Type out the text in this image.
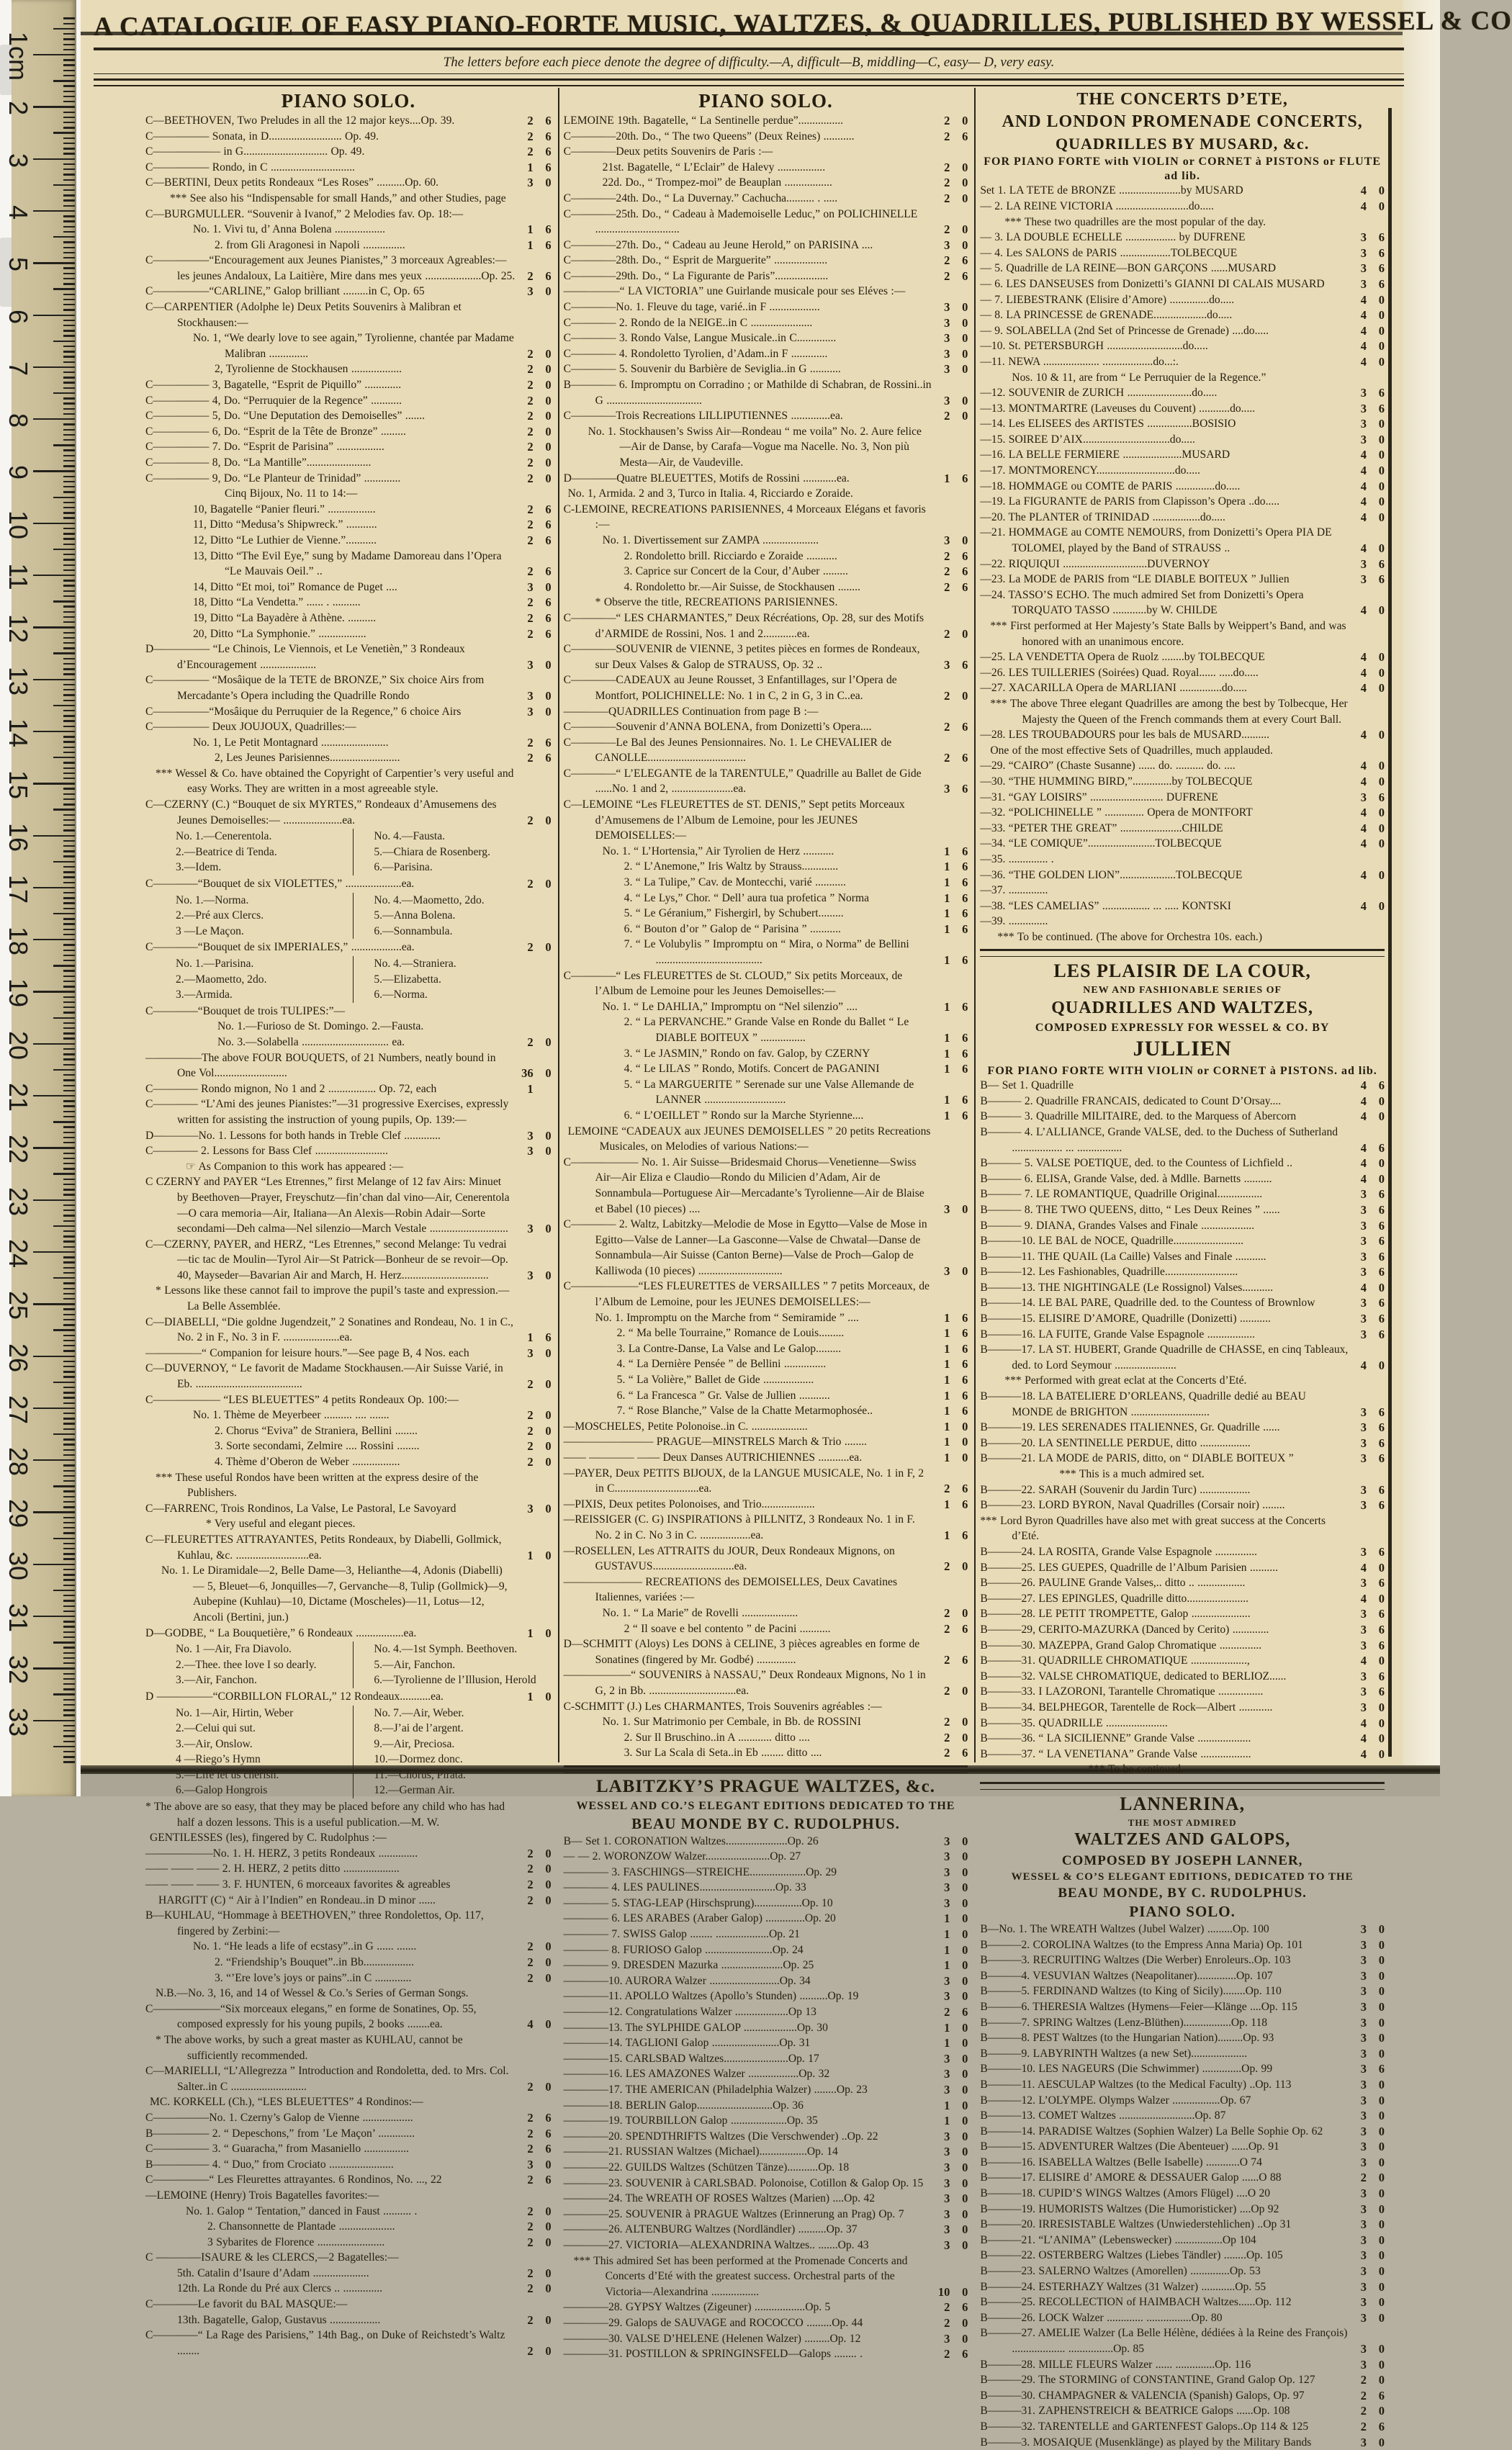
A CATALOGUE OF EASY PIANO-FORTE MUSIC, WALTZES, & QUADRILLES, PUBLISHED BY WESSEL & CO
The letters before each piece denote the degree of difficulty.—A, difficult—B, middling—C, easy— D, very easy.
PIANO SOLO.
C—BEETHOVEN, Two Preludes in all the 12 major keys....Op. 39.	2	6
C————— Sonata, in D.......................... Op. 49.	2	6
C—————— in G.............................. Op. 49.	2	6
C————— Rondo, in C ..............................	1	6
C—BERTINI, Deux petits Rondeaux “Les Roses” ..........Op. 60.	3	0
*** See also his “Indispensable for small Hands,” and other Studies, page
C—BURGMULLER. “Souvenir à Ivanof,” 2 Melodies fav. Op. 18:—
No. 1. Vivi tu, d’ Anna Bolena ..................	1	6
2. from Gli Aragonesi in Napoli ...............	1	6
C—————“Encouragement aux Jeunes Pianistes,” 3 morceaux Agreables:—les jeunes Andaloux, La Laitière, Mire dans mes yeux ....................Op. 25.	2	6
C—————“CARLINE,” Galop brilliant .........in C, Op. 65	3	0
C—CARPENTIER (Adolphe le) Deux Petits Souvenirs à Malibran et Stockhausen:—
No. 1, “We dearly love to see again,” Tyrolienne, chantée par Madame Malibran ..............	2	0
2, Tyrolienne de Stockhausen ..................	2	0
C————— 3, Bagatelle, “Esprit de Piquillo” .............	2	0
C————— 4, Do. “Perruquier de la Regence” ...........	2	0
C————— 5, Do. “Une Deputation des Demoiselles” .......	2	0
C————— 6, Do. “Esprit de la Tête de Bronze” .........	2	0
C————— 7. Do. “Esprit de Parisina” .................	2	0
C————— 8, Do. “La Mantille”.......................	2	0
C————— 9, Do. “Le Planteur de Trinidad” .............	2	0
Cinq Bijoux, No. 11 to 14:—
10, Bagatelle “Panier fleuri.” .................	2	6
11, Ditto “Medusa’s Shipwreck.” ...........	2	6
12, Ditto “Le Luthier de Vienne.”...........	2	6
13, Ditto “The Evil Eye,” sung by Madame Damoreau dans l’Opera “Le Mauvais Oeil.” ..	2	6
14, Ditto “Et moi, toi” Romance de Puget ....	3	0
18, Ditto “La Vendetta.” ...... . ..........	2	6
19, Ditto “La Bayadère à Athène. ..........	2	6
20, Ditto “La Symphonie.” .................	2	6
D————— “Le Chinois, Le Viennois, et Le Venetièn,” 3 Rondeaux d’Encouragement ....................	3	0
C————— “Mosâique de la TETE de BRONZE,” Six choice Airs from Mercadante’s Opera including the Quadrille Rondo	3	0
C—————“Mosâique du Perruquier de la Regence,” 6 choice Airs	3	0
C————— Deux JOUJOUX, Quadrilles:—
No. 1, Le Petit Montagnard ........................	2	6
2, Les Jeunes Parisiennes.........................	2	6
*** Wessel & Co. have obtained the Copyright of Carpentier’s very useful and easy Works. They are written in a most agreeable style.
C—CZERNY (C.) “Bouquet de six MYRTES,” Rondeaux d’Amusemens des Jeunes Demoiselles:— .....................ea.	2	0
No. 1.—Cenerentola.
2.—Beatrice di Tenda.
3.—Idem.
No. 4.—Fausta.
5.—Chiara de Rosenberg.
6.—Parisina.
C————“Bouquet de six VIOLETTES,” ....................ea.	2	0
No. 1.—Norma.
2.—Pré aux Clercs.
3 —Le Maçon.
No. 4.—Maometto, 2do.
5.—Anna Bolena.
6.—Sonnambula.
C————“Bouquet de six IMPERIALES,” ..................ea.	2	0
No. 1.—Parisina.
2.—Maometto, 2do.
3.—Armida.
No. 4.—Straniera.
5.—Elizabetta.
6.—Norma.
C————“Bouquet de trois TULIPES:”—
No. 1.—Furioso de St. Domingo. 2.—Fausta.
No. 3.—Solabella ............................... ea.	2	0
—————The above FOUR BOUQUETS, of 21 Numbers, neatly bound in One Vol..........................	36	0
C———— Rondo mignon, No 1 and 2 ................. Op. 72, each	1
C———— “L’Ami des jeunes Pianistes:”—31 progressive Exercises, expressly written for assisting the instruction of young pupils, Op. 139:—
D————No. 1. Lessons for both hands in Treble Clef .............	3	0
C———— 2. Lessons for Bass Clef ..........................	3	0
☞ As Companion to this work has appeared :—
C CZERNY and PAYER “Les Etrennes,” first Melange of 12 fav Airs: Minuet by Beethoven—Prayer, Freyschutz—fin’chan dal vino—Air, Cenerentola—O cara memoria—Air, Italiana—An Alexis—Robin Adair—Sorte secondami—Deh calma—Nel silenzio—March Vestale ............................	3	0
C—CZERNY, PAYER, and HERZ, “Les Etrennes,” second Melange: Tu vedrai—tic tac de Moulin—Tyrol Air—St Patrick—Bonheur de se revoir—Op. 40, Mayseder—Bavarian Air and March, H. Herz...............................	3	0
* Lessons like these cannot fail to improve the pupil’s taste and expression.—La Belle Assemblée.
C—DIABELLI, “Die goldne Jugendzeit,” 2 Sonatines and Rondeau, No. 1 in C., No. 2 in F., No. 3 in F. ....................ea.	1	6
—————“ Companion for leisure hours.”—See page B, 4 Nos. each	3	0
C—DUVERNOY, “ Le favorit de Madame Stockhausen.—Air Suisse Varié, in Eb. ......................................	2	0
C—————— “LES BLEUETTES” 4 petits Rondeaux Op. 100:—
No. 1. Thème de Meyerbeer .......... .... .......	2	0
2. Chorus “Eviva” de Straniera, Bellini ........	2	0
3. Sorte secondami, Zelmire .... Rossini ........	2	0
4. Thème d’Oberon de Weber .................	2	0
*** These useful Rondos have been written at the express desire of the Publishers.
C—FARRENC, Trois Rondinos, La Valse, Le Pastoral, Le Savoyard	3	0
* Very useful and elegant pieces.
C—FLEURETTES ATTRAYANTES, Petits Rondeaux, by Diabelli, Gollmick, Kuhlau, &c. ..........................ea.	1	0
No. 1. Le Diramidale—2, Belle Dame—3, Helianthe—4, Adonis (Diabelli) — 5, Bleuet—6, Jonquilles—7, Gervanche—8, Tulip (Gollmick)—9, Aubepine (Kuhlau)—10, Dictame (Moscheles)—11, Lotus—12, Ancoli (Bertini, jun.)
D—GODBE, “ La Bouquetière,” 6 Rondeaux .................ea.	1	0
No. 1 —Air, Fra Diavolo.
2.—Thee. thee love I so dearly.
3.—Air, Fanchon.
No. 4.—1st Symph. Beethoven.
5.—Air, Fanchon.
6.—Tyrolienne de l’Illusion, Herold
D —————“CORBILLON FLORAL,” 12 Rondeaux...........ea.	1	0
No. 1—Air, Hirtin, Weber
2.—Celui qui sut.
3.—Air, Onslow.
4 —Riego’s Hymn
5.—Life let us cherish.
6.—Galop Hongrois
No. 7.—Air, Weber.
8.—J’ai de l’argent.
9.—Air, Preciosa.
10.—Dormez donc.
11.—Chorus, Pirata.
12.—German Air.
* The above are so easy, that they may be placed before any child who has had half a dozen lessons. This is a useful publication.—M. W.
GENTILESSES (les), fingered by C. Rudolphus :—
——————No. 1. H. HERZ, 3 petits Rondeaux ..............	2	0
—— —— —— 2. H. HERZ, 2 petits ditto ....................	2	0
—— —— —— 3. F. HUNTEN, 6 morceaux favorites & agreables	2	0
HARGITT (C) “ Air à l’Indien” en Rondeau..in D minor ......	2	0
B—KUHLAU, “Hommage à BEETHOVEN,” three Rondolettos, Op. 117, fingered by Zerbini:—
No. 1. “He leads a life of ecstasy”..in G ...... .......	2	0
2. “Friendship’s Bouquet”..in Bb..................	2	0
3. “’Ere love’s joys or pains”..in C .............	2	0
N.B.—No. 3, 16, and 14 of Wessel & Co.’s Series of German Songs.
C——————“Six morceaux elegans,” en forme de Sonatines, Op. 55, composed expressly for his young pupils, 2 books ........ea.	4	0
* The above works, by such a great master as KUHLAU, cannot be sufficiently recommended.
C—MARIELLI, “L’Allegrezza ” Introduction and Rondoletta, ded. to Mrs. Col. Salter..in C ...........................	2	0
MC. KORKELL (Ch.), “LES BLEUETTES” 4 Rondinos:—
C—————No. 1. Czerny’s Galop de Vienne ..................	2	6
B————— 2. “ Depeschons,” from ’Le Maçon’ .............	2	6
C————— 3. “ Guaracha,” from Masaniello ................	2	6
B————— 4. “ Duo,” from Crociato .......................	3	0
C—————“ Les Fleurettes attrayantes. 6 Rondinos, No. ..., 22	2	6
—LEMOINE (Henry) Trois Bagatelles favorites:—
No. 1. Galop “ Tentation,” danced in Faust .......... .	2	0
2. Chansonnette de Plantade ....................	2	0
3 Sybarites de Florence ........................	2	0
C ————ISAURE & les CLERCS,—2 Bagatelles:—
5th. Catalin d’Isaure d’Adam ....................	2	0
12th. La Ronde du Pré aux Clercs .. ..............	2	0
C————Le favorit du BAL MASQUE:—
13th. Bagatelle, Galop, Gustavus ..................	2	0
C————“ La Rage des Parisiens,” 14th Bag., on Duke of Reichstedt’s Waltz ........	2	0
PIANO SOLO.
LEMOINE 19th. Bagatelle, “ La Sentinelle perdue”................	2	0
C————20th. Do., “ The two Queens” (Deux Reines) ...........	2	6
C————Deux petits Souvenirs de Paris :—
21st. Bagatelle, “ L’Eclair” de Halevy .................	2	0
22d. Do., “ Trompez-moi” de Beauplan .................	2	0
C————24th. Do., “ La Duvernay.” Cachucha.......... . .....	2	0
C————25th. Do., “ Cadeau à Mademoiselle Leduc,” on POLICHINELLE ..............................	2	0
C————27th. Do., “ Cadeau au Jeune Herold,” on PARISINA ....	3	0
C————28th. Do., “ Esprit de Marguerite” ...................	2	6
C————29th. Do., “ La Figurante de Paris”...................	2	6
—————“ LA VICTORIA” une Guirlande musicale pour ses Eléves :—
C————No. 1. Fleuve du tage, varié..in F ..................	3	0
C———— 2. Rondo de la NEIGE..in C ......................	3	0
C———— 3. Rondo Valse, Langue Musicale..in C..............	3	0
C———— 4. Rondoletto Tyrolien, d’Adam..in F .............	3	0
C———— 5. Souvenir du Barbière de Seviglia..in G ...........	3	0
B———— 6. Impromptu on Corradino ; or Mathilde di Schabran, de Rossini..in G ..................................	3	0
C————Trois Recreations LILLIPUTIENNES ..............ea.	2	0
No. 1. Stockhausen’s Swiss Air—Rondeau “ me voila” No. 2. Aure felice—Air de Danse, by Carafa—Vogue ma Nacelle. No. 3, Non più Mesta—Air, de Vaudeville.
D————Quatre BLEUETTES, Motifs de Rossini ............ea.	1	6
No. 1, Armida. 2 and 3, Turco in Italia. 4, Ricciardo e Zoraide.
C-LEMOINE, RECREATIONS PARISIENNES, 4 Morceaux Elégans et favoris :—
No. 1. Divertissement sur ZAMPA ....................	3	0
2. Rondoletto brill. Ricciardo e Zoraide ...........	2	6
3. Caprice sur Concert de la Cour, d’Auber .........	2	6
4. Rondoletto br.—Air Suisse, de Stockhausen ........	2	6
* Observe the title, RECREATIONS PARISIENNES.
C————“ LES CHARMANTES,” Deux Récréations, Op. 28, sur des Motifs d’ARMIDE de Rossini, Nos. 1 and 2............ea.	2	0
C————SOUVENIR de VIENNE, 3 petites pièces en formes de Rondeaux, sur Deux Valses & Galop de STRAUSS, Op. 32 ..	3	6
C————CADEAUX au Jeune Rousset, 3 Enfantillages, sur l’Opera de Montfort, POLICHINELLE: No. 1 in C, 2 in G, 3 in C..ea.	2	0
————QUADRILLES Continuation from page B :—
C————Souvenir d’ANNA BOLENA, from Donizetti’s Opera....	2	6
C————Le Bal des Jeunes Pensionnaires. No. 1. Le CHEVALIER de CANOLLE...................................	2	6
C————“ L’ELEGANTE de la TARENTULE,” Quadrille au Ballet de Gide ......No. 1 and 2, ......................ea.	3	6
C—LEMOINE “Les FLEURETTES de ST. DENIS,” Sept petits Morceaux d’Amusemens de l’Album de Lemoine, pour les JEUNES DEMOISELLES:—
No. 1. “ L’Hortensia,” Air Tyrolien de Herz ...........	1	6
2. “ L’Anemone,” Iris Waltz by Strauss.............	1	6
3. “ La Tulipe,” Cav. de Montecchi, varié ...........	1	6
4. “ Le Lys,” Chor. “ Dell’ aura tua profetica ” Norma	1	6
5. “ Le Géranium,” Fishergirl, by Schubert.........	1	6
6. “ Bouton d’or ” Galop de “ Parisina ” ...........	1	6
7. “ Le Volubylis ” Impromptu on “ Mira, o Norma” de Bellini ......................................	1	6
C————“ Les FLEURETTES de St. CLOUD,” Six petits Morceaux, de l’Album de Lemoine pour les Jeunes Demoiselles:—
No. 1. “ Le DAHLIA,” Impromptu on “Nel silenzio” ....	1	6
2. “ La PERVANCHE.” Grande Valse en Ronde du Ballet “ Le DIABLE BOITEUX ” ................	1	6
3. “ Le JASMIN,” Rondo on fav. Galop, by CZERNY	1	6
4. “ Le LILAS ” Rondo, Motifs. Concert de PAGANINI	1	6
5. “ La MARGUERITE ” Serenade sur une Valse Allemande de LANNER .............................	1	6
6. “ L’OEILLET ” Rondo sur la Marche Styrienne....	1	6
LEMOINE “CADEAUX aux JEUNES DEMOISELLES ” 20 petits Recreations Musicales, on Melodies of various Nations:—
C—————— No. 1. Air Suisse—Bridesmaid Chorus—Venetienne—Swiss Air—Air Eliza e Claudio—Rondo du Milicien d’Adam, Air de Sonnambula—Portuguese Air—Mercadante’s Tyrolienne—Air de Blaise et Babel (10 pieces) ....	3	0
C———— 2. Waltz, Labitzky—Melodie de Mose in Egytto—Valse de Mose in Egitto—Valse de Lanner—La Gasconne—Valse de Chwatal—Danse de Sonnambula—Air Suisse (Canton Berne)—Valse de Proch—Galop de Kalliwoda (10 pieces) ..............................	3	0
C——————“LES FLEURETTES de VERSAILLES ” 7 petits Morceaux, de l’Album de Lemoine, pour les JEUNES DEMOISELLES:—
No. 1. Impromptu on the Marche from “ Semiramide ” ....	1	6
2. “ Ma belle Tourraine,” Romance de Louis.........	1	6
3. La Contre-Danse, La Valse and Le Galop.........	1	6
4. “ La Dernière Pensée ” de Bellini ...............	1	6
5. “ La Volière,” Ballet de Gide ..................	1	6
6. “ La Francesca ” Gr. Valse de Jullien ...........	1	6
7. “ Rose Blanche,” Valse de la Chatte Metarmophosée..	1	6
—MOSCHELES, Petite Polonoise..in C. ....................	1	0
———————— PRAGUE—MINSTRELS March & Trio ........	1	0
—— ———— —— Deux Danses AUTRICHIENNES ...........ea.	1	0
—PAYER, Deux PETITS BIJOUX, de la LANGUE MUSICALE, No. 1 in F, 2 in C..............................ea.	2	6
—PIXIS, Deux petites Polonoises, and Trio...................	1	6
—REISSIGER (C. G) INSPIRATIONS à PILLNITZ, 3 Rondeaux No. 1 in F. No. 2 in C. No 3 in C. ..................ea.	1	6
—ROSELLEN, Les ATTRAITS du JOUR, Deux Rondeaux Mignons, on GUSTAVUS.............................ea.	2	0
——————— RECREATIONS des DEMOISELLES, Deux Cavatines Italiennes, variées :—
No. 1. “ La Marie” de Rovelli ....................	2	0
2 “ Il soave e bel contento ” de Pacini ...........	2	6
D—SCHMITT (Aloys) Les DONS à CELINE, 3 pièces agreables en forme de Sonatines (fingered by Mr. Godbé) ..............	2	6
——————“ SOUVENIRS à NASSAU,” Deux Rondeaux Mignons, No 1 in G, 2 in Bb. ...............................ea.	2	0
C-SCHMITT (J.) Les CHARMANTES, Trois Souvenirs agréables :—
No. 1. Sur Matrimonio per Cembale, in Bb. de ROSSINI	2	0
2. Sur Il Bruschino..in A ............ ditto ....	2	0
3. Sur La Scala di Seta..in Eb ........ ditto ....	2	6
LABITZKY’S PRAGUE WALTZES, &c.
WESSEL AND CO.’S ELEGANT EDITIONS DEDICATED TO THE
BEAU MONDE BY C. RUDOLPHUS.
B— Set 1. CORONATION Waltzes......................Op. 26	3	0
— — 2. WORONZOW Walzer.......................Op. 27	3	0
———— 3. FASCHINGS—STREICHE....................Op. 29	3	0
———— 4. LES PAULINES...........................Op. 33	3	0
———— 5. STAG-LEAP (Hirschsprung).................Op. 10	3	0
———— 6. LES ARABES (Araber Galop) ..............Op. 20	1	0
———— 7. SWISS Galop ........ ...................Op. 21	1	0
———— 8. FURIOSO Galop ........................Op. 24	1	0
———— 9. DRESDEN Mazurka ......................Op. 25	1	0
————10. AURORA Walzer .........................Op. 34	3	0
————11. APOLLO Waltzes (Apollo’s Stunden) ..........Op. 19	3	0
————12. Congratulations Walzer ...................Op 13	2	6
————13. The SYLPHIDE GALOP ...................Op. 30	1	0
————14. TAGLIONI Galop ........................Op. 31	1	0
————15. CARLSBAD Waltzes.......................Op. 17	3	0
————16. LES AMAZONES Walzer ..................Op. 32	3	0
————17. THE AMERICAN (Philadelphia Walzer) ........Op. 23	3	0
————18. BERLIN Galop...........................Op. 36	1	0
————19. TOURBILLON Galop ....................Op. 35	1	0
————20. SPENDTHRIFTS Waltzes (Die Verschwender) ..Op. 22	3	0
————21. RUSSIAN Waltzes (Michael).................Op. 14	3	0
————22. GUILDS Waltzes (Schützen Tänze)...........Op. 18	3	0
————23. SOUVENIR à CARLSBAD. Polonoise, Cotillon & Galop Op. 15	3	0
————24. The WREATH OF ROSES Waltzes (Marien) ....Op. 42	3	0
————25. SOUVENIR à PRAGUE Waltzes (Erinnerung an Prag) Op. 7	3	0
————26. ALTENBURG Waltzes (Nordländler) ..........Op. 37	3	0
————27. VICTORIA—ALEXANDRINA Waltzes.. .......Op. 43	3	0
*** This admired Set has been performed at the Promenade Concerts and Concerts d’Eté with the greatest success. Orchestral parts of the Victoria—Alexandrina .................	10	0
————28. GYPSY Waltzes (Zigeuner) ..................Op. 5	2	6
————29. Galops de SAUVAGE and ROCOCCO .........Op. 44	2	0
————30. VALSE D’HELENE (Helenen Walzer) .........Op. 12	3	0
————31. POSTILLON & SPRINGINSFELD—Galops ........ .	2	6
THE CONCERTS D’ETE,
AND LONDON PROMENADE CONCERTS,
QUADRILLES BY MUSARD, &c.
FOR PIANO FORTE with VIOLIN or CORNET à PISTONS or FLUTE ad lib.
Set 1. LA TETE de BRONZE ......................by MUSARD	4	0
— 2. LA REINE VICTORIA ..........................do.....	4	0
*** These two quadrilles are the most popular of the day.
— 3. LA DOUBLE ECHELLE .................. by DUFRENE	3	6
— 4. Les SALONS de PARIS ..................TOLBECQUE	3	6
— 5. Quadrille de LA REINE—BON GARÇONS ......MUSARD	3	6
— 6. LES DANSEUSES from Donizetti’s GIANNI DI CALAIS MUSARD	3	6
— 7. LIEBESTRANK (Elisire d’Amore) ..............do.....	4	0
— 8. LA PRINCESSE de GRENADE...................do.....	4	0
— 9. SOLABELLA (2nd Set of Princesse de Grenade) ....do.....	4	0
—10. St. PETERSBURGH ...........................do.....	4	0
—11. NEWA .................... ..................do...:.	4	0
Nos. 10 & 11, are from “ Le Perruquier de la Regence.”
—12. SOUVENIR de ZURICH .......................do.....	3	6
—13. MONTMARTRE (Laveuses du Couvent) ...........do.....	3	6
—14. Les ELISEES des ARTISTES ................BOSISIO	3	0
—15. SOIREE D’AIX...............................do.....	3	0
—16. LA BELLE FERMIERE .....................MUSARD	4	0
—17. MONTMORENCY............................do.....	4	0
—18. HOMMAGE ou COMTE de PARIS ..............do.....	4	0
—19. La FIGURANTE de PARIS from Clapisson’s Opera ..do.....	4	0
—20. The PLANTER of TRINIDAD .................do.....	4	0
—21. HOMMAGE au COMTE NEMOURS, from Donizetti’s Opera PIA DE TOLOMEI, played by the Band of STRAUSS ..	4	0
—22. RIQUIQUI ..............................DUVERNOY	3	6
—23. La MODE de PARIS from “LE DIABLE BOITEUX ” Jullien	3	6
—24. TASSO’S ECHO. The much admired Set from Donizetti’s Opera TORQUATO TASSO ............by W. CHILDE	4	0
*** First performed at Her Majesty’s State Balls by Weippert’s Band, and was honored with an unanimous encore.
—25. LA VENDETTA Opera de Ruolz ........by TOLBECQUE	4	0
—26. LES TUILLERIES (Soirées) Quad. Royal...... .....do.....	4	0
—27. XACARILLA Opera de MARLIANI ...............do.....	4	0
*** The above Three elegant Quadrilles are among the best by Tolbecque, Her Majesty the Queen of the French commands them at every Court Ball.
—28. LES TROUBADOURS pour les bals de MUSARD..........	4	0
One of the most effective Sets of Quadrilles, much applauded.
—29. “CAIRO” (Chaste Susanne) ...... do. .......... do. ....	4	0
—30. “THE HUMMING BIRD,”..............by TOLBECQUE	4	0
—31. “GAY LOISIRS” .......................... DUFRENE	3	6
—32. “POLICHINELLE ” .............. Opera de MONTFORT	4	0
—33. “PETER THE GREAT” ......................CHILDE	4	0
—34. “LE COMIQUE”........................TOLBECQUE	4	0
—35. .............. .
—36. “THE GOLDEN LION”....................TOLBECQUE	4	0
—37. ..............
—38. “LES CAMELIAS” ................. ... ..... KONTSKI	4	0
—39. ..............
*** To be continued. (The above for Orchestra 10s. each.)
LES PLAISIR DE LA COUR,
NEW AND FASHIONABLE SERIES OF
QUADRILLES AND WALTZES,
COMPOSED EXPRESSLY FOR WESSEL & CO. BY
JULLIEN
FOR PIANO FORTE WITH VIOLIN or CORNET à PISTONS. ad lib.
B— Set 1. Quadrille	4	6
B——— 2. Quadrille FRANCAIS, dedicated to Count D’Orsay....	4	0
B——— 3. Quadrille MILITAIRE, ded. to the Marquess of Abercorn	4	0
B——— 4. L’ALLIANCE, Grande VALSE, ded. to the Duchess of Sutherland .................. ... ................	4	6
B——— 5. VALSE POETIQUE, ded. to the Countess of Lichfield ..	4	0
B——— 6. ELISA, Grande Valse, ded. à Mdlle. Barnetts ..........	4	0
B——— 7. LE ROMANTIQUE, Quadrille Original................	3	6
B——— 8. THE TWO QUEENS, ditto, “ Les Deux Reines ” ......	3	6
B——— 9. DIANA, Grandes Valses and Finale ...................	3	6
B———10. LE BAL de NOCE, Quadrille.........................	3	6
B———11. THE QUAIL (La Caille) Valses and Finale ...........	3	6
B———12. Les Fashionables, Quadrille..........................	3	6
B———13. THE NIGHTINGALE (Le Rossignol) Valses...........	4	0
B———14. LE BAL PARE, Quadrille ded. to the Countess of Brownlow	3	6
B———15. ELISIRE D’AMORE, Quadrille (Donizetti) ...........	3	6
B———16. LA FUITE, Grande Valse Espagnole .................	3	6
B———17. LA ST. HUBERT, Grande Quadrille de CHASSE, en cinq Tableaux, ded. to Lord Seymour ......................	4	0
*** Performed with great eclat at the Concerts d’Eté.
B———18. LA BATELIERE D’ORLEANS, Quadrille dedié au BEAU MONDE de BRIGHTON ............................	3	6
B———19. LES SERENADES ITALIENNES, Gr. Quadrille ......	3	6
B———20. LA SENTINELLE PERDUE, ditto ..................	3	6
B———21. LA MODE de PARIS, ditto, on “ DIABLE BOITEUX ”	3	6
*** This is a much admired set.
B———22. SARAH (Souvenir du Jardin Turc) ..................	3	6
B———23. LORD BYRON, Naval Quadrilles (Corsair noir) ........	3	6
*** Lord Byron Quadrilles have also met with great success at the Concerts d’Eté.
B———24. LA ROSITA, Grande Valse Espagnole ...............	3	6
B———25. LES GUEPES, Quadrille de l’Album Parisien ..........	4	0
B———26. PAULINE Grande Valses,.. ditto .. .................	3	6
B———27. LES EPINGLES, Quadrille ditto......................	4	0
B———28. LE PETIT TROMPETTE, Galop .....................	3	6
B———29, CERITO-MAZURKA (Danced by Cerito) .............	3	6
B———30. MAZEPPA, Grand Galop Chromatique ...............	3	6
B———31. QUADRILLE CHROMATIQUE ....................,	4	0
B———32. VALSE CHROMATIQUE, dedicated to BERLIOZ......	3	6
B———33. I LAZORONI, Tarantelle Chromatique ................	3	6
B———34. BELPHEGOR, Tarentelle de Rock—Albert ............	3	0
B———35. QUADRILLE ......................	4	0
B———36. “ LA SICILIENNE” Grande Valse ...................	4	0
B———37. “ LA VENETIANA” Grande Valse ..................	4	0
*** To be continued.
LANNERINA,
THE MOST ADMIRED
WALTZES AND GALOPS,
COMPOSED BY JOSEPH LANNER,
WESSEL & CO’S ELEGANT EDITIONS, DEDICATED TO THE
BEAU MONDE, BY C. RUDOLPHUS.
PIANO SOLO.
B—No. 1. The WREATH Waltzes (Jubel Walzer) .........Op. 100	3	0
B———2. COROLINA Waltzes (to the Empress Anna Maria) Op. 101	3	0
B———3. RECRUITING Waltzes (Die Werber) Enroleurs..Op. 103	3	0
B———4. VESUVIAN Waltzes (Neapolitaner)..............Op. 107	3	0
B———5. FERDINAND Waltzes (to King of Sicily)........Op. 110	3	0
B———6. THERESIA Waltzes (Hymens—Feier—Klänge ....Op. 115	3	0
B———7. SPRING Waltzes (Lenz-Blüthen).................Op. 118	3	0
B———8. PEST Waltzes (to the Hungarian Nation).........Op. 93	3	0
B———9. LABYRINTH Waltzes (a new Set)....................	3	0
B———10. LES NAGEURS (Die Schwimmer) ..............Op. 99	3	6
B———11. AESCULAP Waltzes (to the Medical Faculty) ..Op. 113	3	0
B———12. L’OLYMPE. Olymps Walzer .................Op. 67	3	0
B———13. COMET Waltzes ...........................Op. 87	3	0
B———14. PARADISE Waltzes (Sophien Walzer) La Belle Sophie Op. 62	3	0
B———15. ADVENTURER Waltzes (Die Abenteuer) ......Op. 91	3	0
B———16. ISABELLA Waltzes (Belle Isabelle) ............O 74	3	0
B———17. ELISIRE d’ AMORE & DESSAUER Galop ......O 88	2	0
B———18. CUPID’S WINGS Waltzes (Amors Flügel) ....O 20	3	0
B———19. HUMORISTS Waltzes (Die Humoristicker) ....Op 92	3	0
B———20. IRRESISTABLE Waltzes (Unwiederstehlichen) ..Op 31	3	0
B———21. “L’ANIMA” (Lebenswecker) .................Op 104	3	0
B———22. OSTERBERG Waltzes (Liebes Tändler) ........Op. 105	3	0
B———23. SALERNO Waltzes (Amorellen) ..............Op. 53	3	0
B———24. ESTERHAZY Waltzes (31 Walzer) ............Op. 55	3	0
B———25. RECOLLECTION of HAIMBACH Waltzes......Op. 112	3	0
B———26. LOCK Walzer ............. ................Op. 80	3	0
B———27. AMELIE Walzer (La Belle Hélène, dédiées à la Reine des François) ................... ................Op. 85	3	0
B———28. MILLE FLEURS Walzer ...... ..............Op. 116	3	0
B———29. The STORMING of CONSTANTINE, Grand Galop Op. 127	2	0
B———30. CHAMPAGNER & VALENCIA (Spanish) Galops, Op. 97	2	6
B———31. ZAPHENSTREICH & BEATRICE Galops ......Op. 108	2	0
B———32. TARENTELLE and GARTENFEST Galops..Op 114 & 125	2	6
B———3. MOSAIQUE (Musenklänge) as played by the Military Bands	3	0
1cm
2
3
4
5
6
7
8
9
10
11
12
13
14
15
16
17
18
19
20
21
22
23
24
25
26
27
28
29
30
31
32
33
